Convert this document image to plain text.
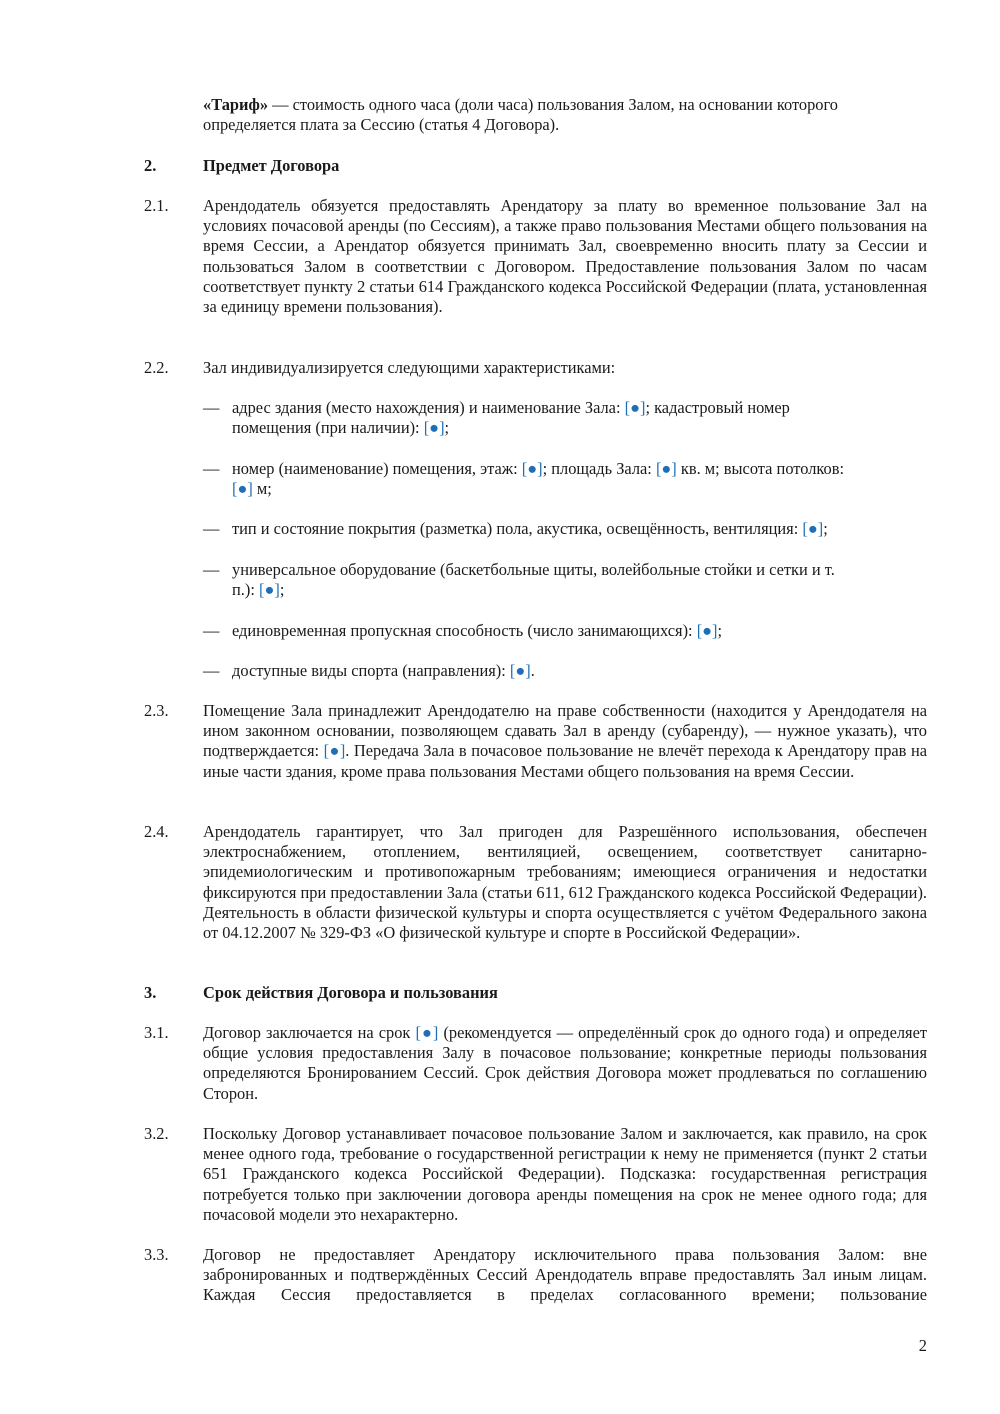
«Тариф» — стоимость одного часа (доли часа) пользования Залом, на основании которого
определяется плата за Сессию (статья 4 Договора).
2.	Предмет Договора
2.1. Арендодатель обязуется предоставлять Арендатору за плату во временное пользование Зал на условиях почасовой аренды (по Сессиям), а также право пользования Местами общего пользования на время Сессии, а Арендатор обязуется принимать Зал, своевременно вносить плату за Сессии и пользоваться Залом в соответствии с Договором. Предоставление пользования Залом по часам соответствует пункту 2 статьи 614 Гражданского кодекса Российской Федерации (плата, установленная за единицу времени пользования).
2.2. Зал индивидуализируется следующими характеристиками:
— адрес здания (место нахождения) и наименование Зала: [●]; кадастровый номер
помещения (при наличии): [●];
— номер (наименование) помещения, этаж: [●]; площадь Зала: [●] кв. м; высота потолков:
[●] м;
— тип и состояние покрытия (разметка) пола, акустика, освещённость, вентиляция: [●];
— универсальное оборудование (баскетбольные щиты, волейбольные стойки и сетки и т.
п.): [●];
— единовременная пропускная способность (число занимающихся): [●];
— доступные виды спорта (направления): [●].
2.3. Помещение Зала принадлежит Арендодателю на праве собственности (находится у Арендодателя на ином законном основании, позволяющем сдавать Зал в аренду (субаренду), — нужное указать), что подтверждается: [●]. Передача Зала в почасовое пользование не влечёт перехода к Арендатору прав на иные части здания, кроме права пользования Местами общего пользования на время Сессии.
2.4. Арендодатель гарантирует, что Зал пригоден для Разрешённого использования, обеспечен электроснабжением, отоплением, вентиляцией, освещением, соответствует санитарно-эпидемиологическим и противопожарным требованиям; имеющиеся ограничения и недостатки фиксируются при предоставлении Зала (статьи 611, 612 Гражданского кодекса Российской Федерации). Деятельность в области физической культуры и спорта осуществляется с учётом Федерального закона от 04.12.2007 № 329-ФЗ «О физической культуре и спорте в Российской Федерации».
3.	Срок действия Договора и пользования
3.1. Договор заключается на срок [●] (рекомендуется — определённый срок до одного года) и определяет общие условия предоставления Залу в почасовое пользование; конкретные периоды пользования определяются Бронированием Сессий. Срок действия Договора может продлеваться по соглашению Сторон.
3.2. Поскольку Договор устанавливает почасовое пользование Залом и заключается, как правило, на срок менее одного года, требование о государственной регистрации к нему не применяется (пункт 2 статьи 651 Гражданского кодекса Российской Федерации). Подсказка: государственная регистрация потребуется только при заключении договора аренды помещения на срок не менее одного года; для почасовой модели это нехарактерно.
3.3. Договор не предоставляет Арендатору исключительного права пользования Залом: вне забронированных и подтверждённых Сессий Арендодатель вправе предоставлять Зал иным лицам. Каждая Сессия предоставляется в пределах согласованного времени; пользование
2
